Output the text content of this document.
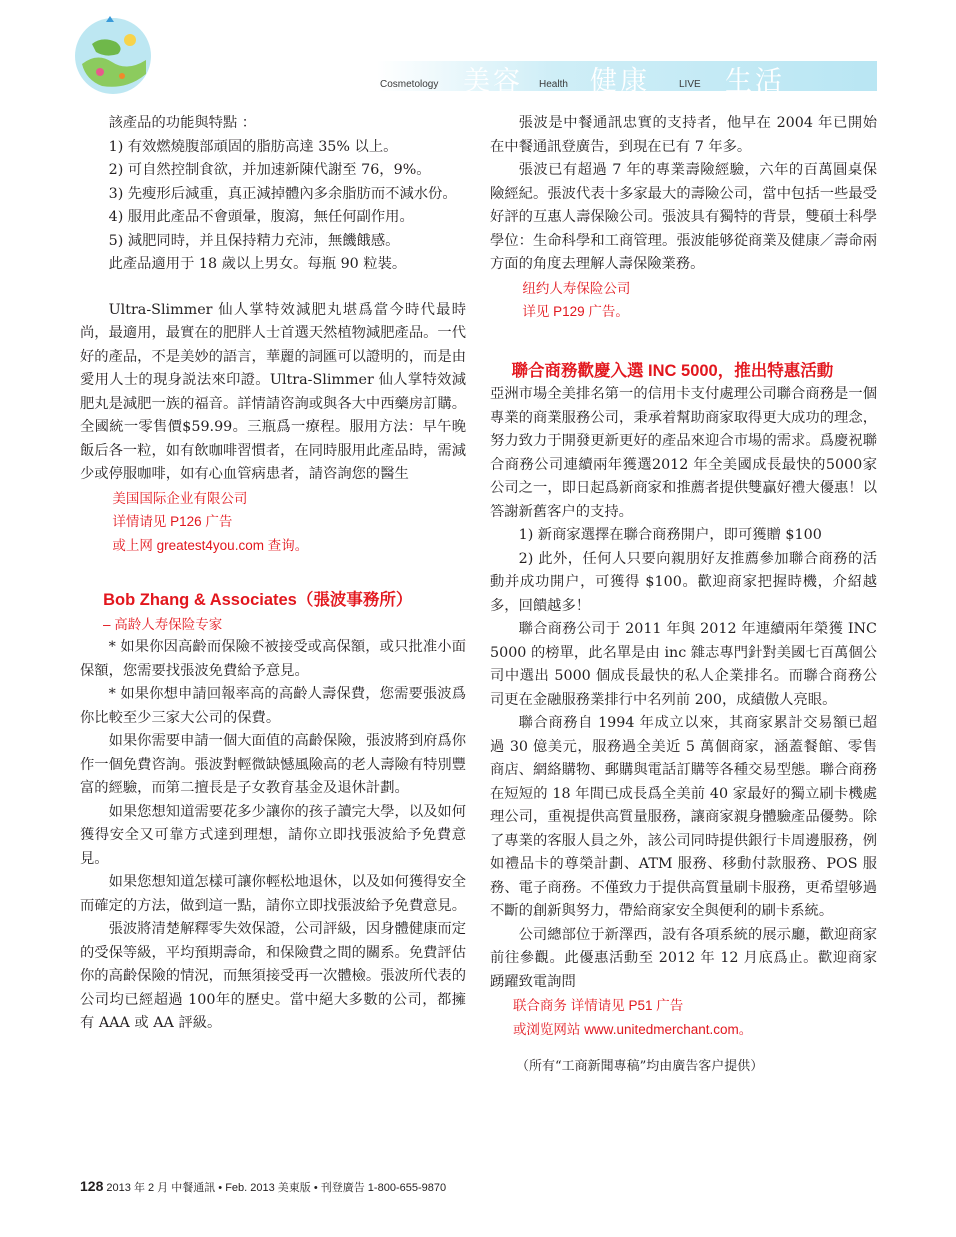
Cosmetology 美容 Health 健康	LIVE 生活

該產品的功能與特點 ：

1) 有效燃燒腹部頑固的脂肪高達 35% 以上。

2) 可自然控制食欲，并加速新陳代謝至 76，9%。

3) 先瘦形后減重，真正減掉體內多余脂肪而不減水份。

4) 服用此產品不會頭暈，腹瀉，無任何副作用。

5) 減肥同時，并且保持精力充沛，無饑餓感。

此產品適用于 18 歲以上男女。每瓶 90 粒裝。

Ultra-Slimmer 仙人掌特效減肥丸堪爲當今時代最時尚，最適用，最實在的肥胖人士首選天然植物減肥產品。一代好的產品，不是美妙的語言，華麗的詞匯可以證明的，而是由愛用人士的現身説法來印證。Ultra-Slimmer 仙人掌特效減肥丸是減肥一族的福音。詳情請咨詢或與各大中西藥房訂購。全國統一零售價$59.99。三瓶爲一療程。服用方法：早午晚飯后各一粒，如有飲咖啡習慣者，在同時服用此產品時，需減少或停服咖啡，如有心血管病患者，請咨詢您的醫生

美国国际企业有限公司

详情请见 P126 广告

或上网 greatest4you.com 查询。

Bob Zhang & Associates（張波事務所）

– 高龄人寿保险专家

* 如果你因高齡而保險不被接受或高保額，或只批准小面保額，您需要找張波免費給予意見。

* 如果你想申請回報率高的高齡人壽保費，您需要張波爲你比較至少三家大公司的保費。

如果你需要申請一個大面值的高齡保險，張波將到府爲你作一個免費咨詢。張波對輕微缺憾風險高的老人壽險有特別豐富的經驗，而第二擅長是子女教育基金及退休計劃。

如果您想知道需要花多少讓你的孩子讀完大學，以及如何獲得安全又可靠方式達到理想，請你立即找張波給予免費意見。

如果您想知道怎樣可讓你輕松地退休，以及如何獲得安全而確定的方法，做到這一點，請你立即找張波給予免費意見。

張波將清楚解釋零失效保證，公司評級，因身體健康而定的受保等級，平均預期壽命，和保險費之間的關系。免費評估你的高齡保險的情況，而無須接受再一次體檢。張波所代表的公司均已經超過 100年的歷史。當中絕大多數的公司，都擁有 AAA 或 AA 評級。

張波是中餐通訊忠實的支持者，他早在 2004 年已開始在中餐通訊登廣告，到現在已有 7 年多。

張波已有超過 7 年的專業壽險經驗，六年的百萬圓桌保險經紀。張波代表十多家最大的壽險公司，當中包括一些最受好評的互惠人壽保險公司。張波具有獨特的背景，雙碩士科學學位：生命科學和工商管理。張波能够從商業及健康／壽命兩方面的角度去理解人壽保險業務。

纽约人寿保险公司

详见 P129 广告。

聯合商務歡慶入選 INC 5000，推出特惠活動

亞洲市場全美排名第一的信用卡支付處理公司聯合商務是一個專業的商業服務公司，秉承着幫助商家取得更大成功的理念，努力致力于開發更新更好的產品來迎合市場的需求。爲慶祝聯合商務公司連續兩年獲選2012 年全美國成長最快的5000家公司之一，即日起爲新商家和推薦者提供雙贏好禮大優惠！以答謝新舊客户的支持。

1) 新商家選擇在聯合商務開户，即可獲贈 $100

2) 此外，任何人只要向親朋好友推薦參加聯合商務的活動并成功開户，可獲得 $100。歡迎商家把握時機，介紹越多，回饋越多！

聯合商務公司于 2011 年與 2012 年連續兩年榮獲 INC 5000 的榜單，此名單是由 inc 雜志專門針對美國七百萬個公司中選出 5000 個成長最快的私人企業排名。而聯合商務公司更在金融服務業排行中名列前 200，成績傲人亮眼。

聯合商務自 1994 年成立以來，其商家累計交易額已超過 30 億美元，服務過全美近 5 萬個商家，涵蓋餐館、零售商店、網絡購物、郵購與電話訂購等各種交易型態。聯合商務在短短的 18 年間已成長爲全美前 40 家最好的獨立刷卡機處理公司，重視提供高質量服務，讓商家親身體驗產品優勢。除了專業的客服人員之外，該公司同時提供銀行卡周邊服務，例如禮品卡的尊榮計劃、ATM 服務、移動付款服務、POS 服務、電子商務。不僅致力于提供高質量刷卡服務，更希望够過不斷的創新與努力，帶給商家安全與便利的刷卡系統。

公司總部位于新澤西，設有各項系統的展示廳，歡迎商家前往參觀。此優惠活動至 2012 年 12 月底爲止。歡迎商家踴躍致電詢問

联合商务 详情请见 P51 广告

或浏览网站 www.unitedmerchant.com。

（所有“工商新聞專稿”均由廣告客户提供）

128 2013 年 2 月 中餐通訊 • Feb. 2013 美東版 • 刊登廣告 1-800-655-9870
